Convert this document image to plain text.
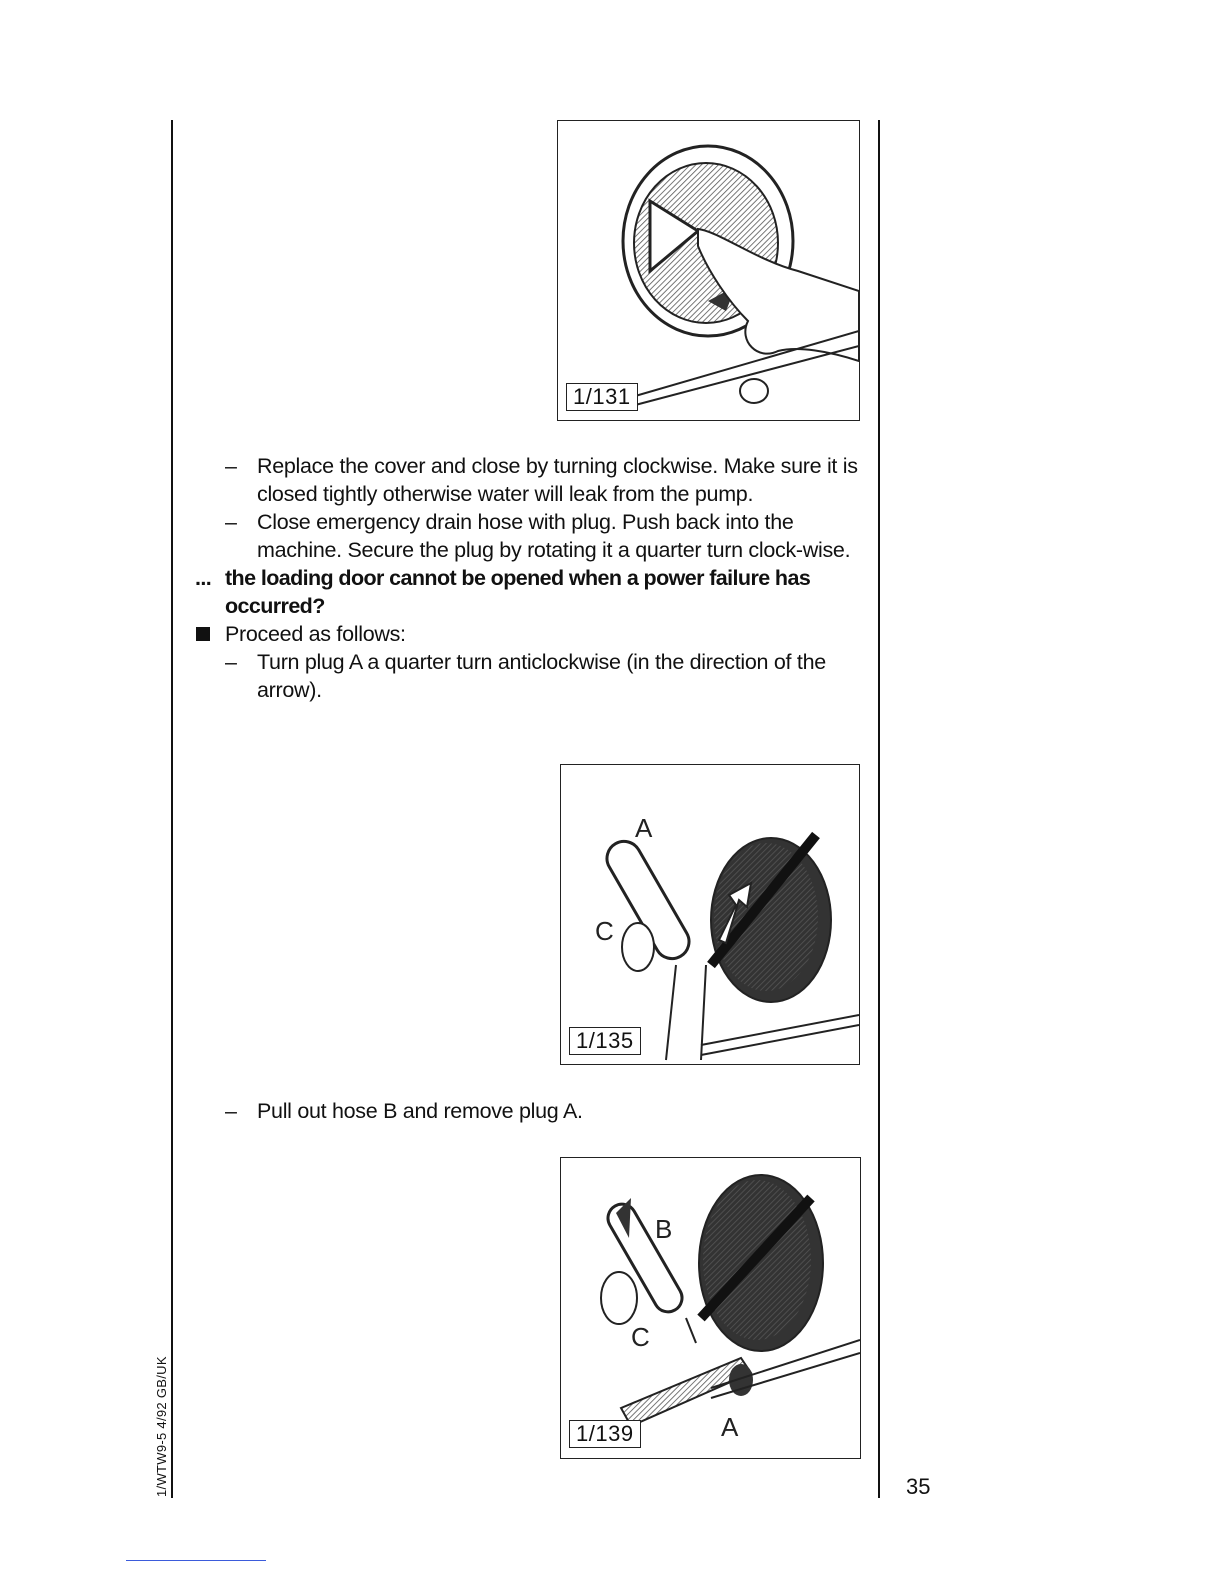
1/131
– Replace the cover and close by turning clockwise. Make sure it is closed tightly otherwise water will leak from the pump.
– Close emergency drain hose with plug. Push back into the machine. Secure the plug by rotating it a quarter turn clock-wise.
... the loading door cannot be opened when a power failure has occurred?
Proceed as follows:
– Turn plug A a quarter turn anticlockwise (in the direction of the arrow).
A
C
1/135
– Pull out hose B and remove plug A.
B
C
A
1/139
1/WTW9-5 4/92 GB/UK	35
